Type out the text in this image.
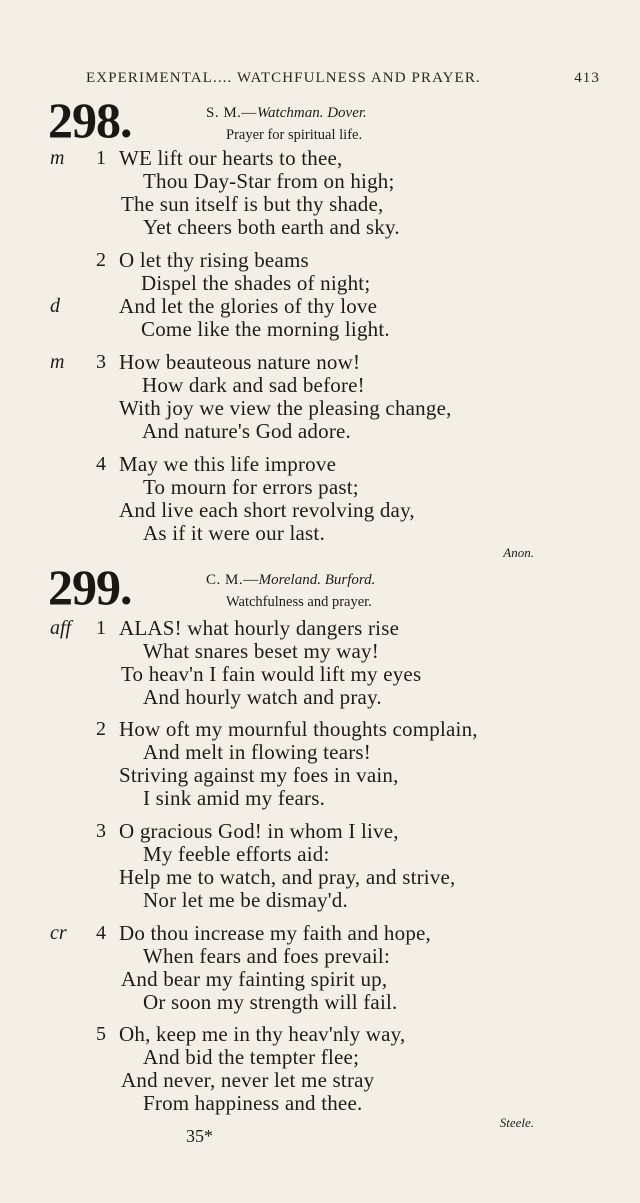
EXPERIMENTAL.... WATCHFULNESS AND PRAYER.	413
298.	S. M.—Watchman. Dover.
Prayer for spiritual life.
m 1 WE lift our hearts to thee,
Thou Day-Star from on high;
The sun itself is but thy shade,
Yet cheers both earth and sky.
2 O let thy rising beams
Dispel the shades of night;
d	And let the glories of thy love
Come like the morning light.
m 3 How beauteous nature now!
How dark and sad before!
With joy we view the pleasing change,
And nature's God adore.
4 May we this life improve
To mourn for errors past;
And live each short revolving day,
As if it were our last.
Anon.
299.	C. M.—Moreland. Burford.
Watchfulness and prayer.
aff 1 ALAS! what hourly dangers rise
What snares beset my way!
To heav'n I fain would lift my eyes
And hourly watch and pray.
2 How oft my mournful thoughts complain,
And melt in flowing tears!
Striving against my foes in vain,
I sink amid my fears.
3 O gracious God! in whom I live,
My feeble efforts aid:
Help me to watch, and pray, and strive,
Nor let me be dismay'd.
cr 4 Do thou increase my faith and hope,
When fears and foes prevail:
And bear my fainting spirit up,
Or soon my strength will fail.
5 Oh, keep me in thy heav'nly way,
And bid the tempter flee;
And never, never let me stray
From happiness and thee.
Steele.
35*
